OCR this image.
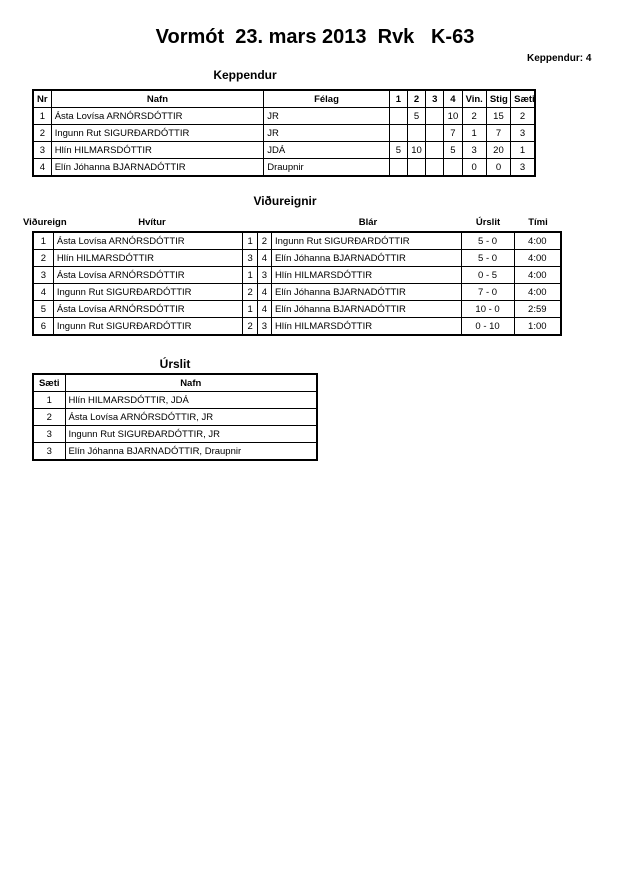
Vormót  23. mars 2013  Rvk   K-63
Keppendur: 4
Keppendur
Nr	Nafn	Félag	1	2	3	4	Vin.	Stig	Sæti
1	Ásta Lovísa ARNÓRSDÓTTIR	JR		5		10	2	15	2
2	Ingunn Rut SIGURÐARDÓTTIR	JR				7	1	7	3
3	Hlín HILMARSDÓTTIR	JDÁ	5	10		5	3	20	1
4	Elín Jóhanna BJARNADÓTTIR	Draupnir					0	0	3
Viðureignir
Viðureign	Hvítur			Blár	Úrslit	Tími
1	Ásta Lovísa ARNÓRSDÓTTIR	1	2	Ingunn Rut SIGURÐARDÓTTIR	5 - 0	4:00
2	Hlín HILMARSDÓTTIR	3	4	Elín Jóhanna BJARNADÓTTIR	5 - 0	4:00
3	Ásta Lovísa ARNÓRSDÓTTIR	1	3	Hlín HILMARSDÓTTIR	0 - 5	4:00
4	Ingunn Rut SIGURÐARDÓTTIR	2	4	Elín Jóhanna BJARNADÓTTIR	7 - 0	4:00
5	Ásta Lovísa ARNÓRSDÓTTIR	1	4	Elín Jóhanna BJARNADÓTTIR	10 - 0	2:59
6	Ingunn Rut SIGURÐARDÓTTIR	2	3	Hlín HILMARSDÓTTIR	0 - 10	1:00
Úrslit
Sæti	Nafn
1	Hlín HILMARSDÓTTIR, JDÁ
2	Ásta Lovísa ARNÓRSDÓTTIR, JR
3	Ingunn Rut SIGURÐARDÓTTIR, JR
3	Elín Jóhanna BJARNADÓTTIR, Draupnir
